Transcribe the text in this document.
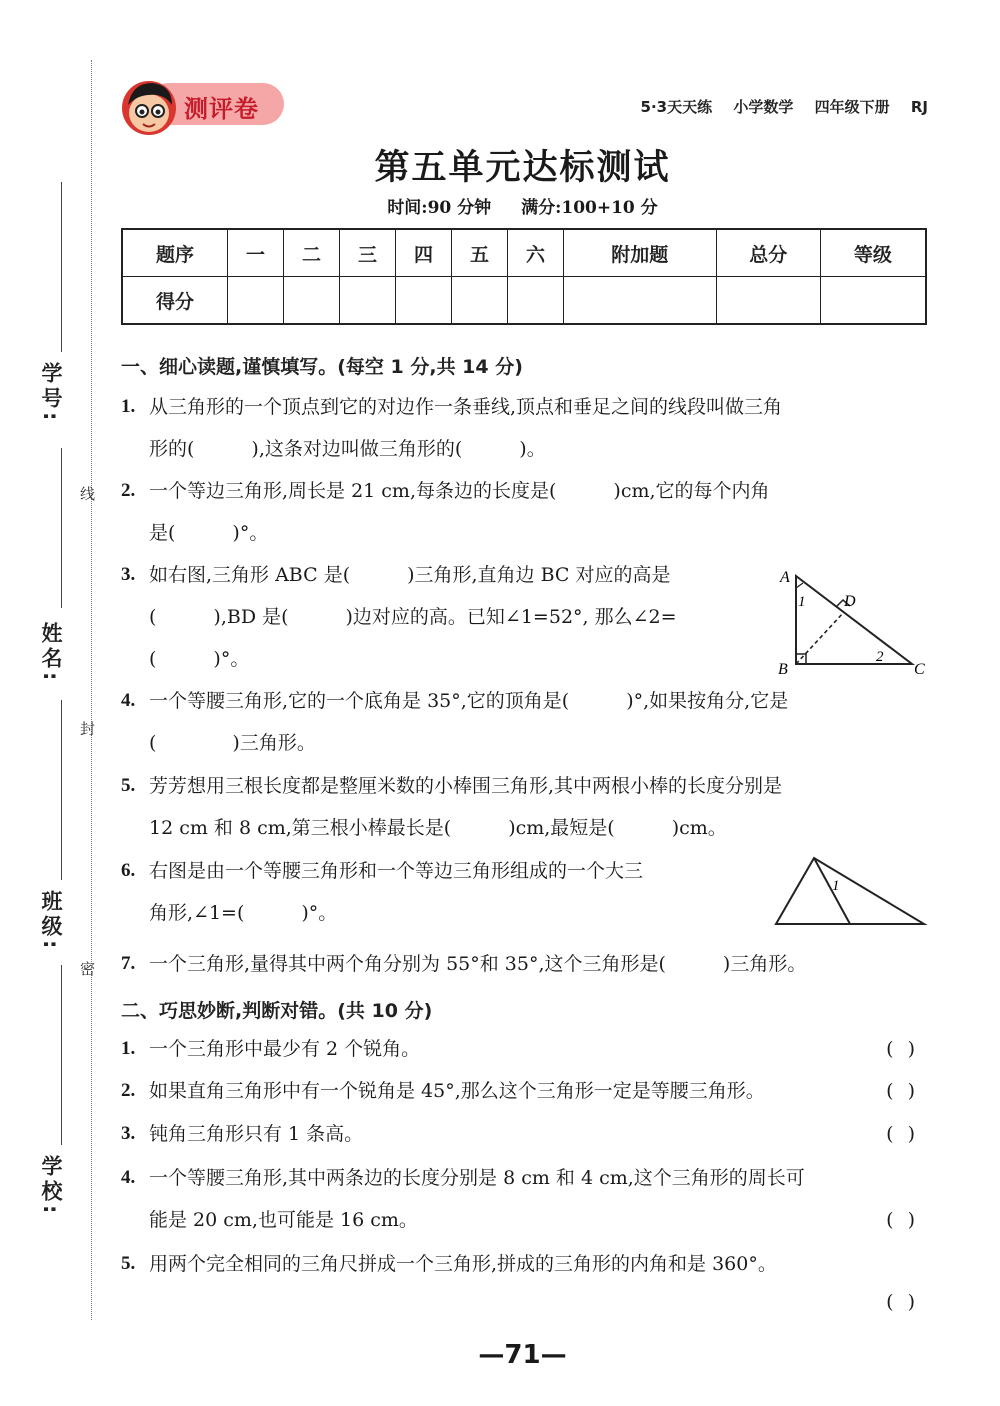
学号:
姓名:
班级:
学校:
线
封
密
测评卷	5·3天天练 小学数学 四年级下册 RJ
第五单元达标测试
时间:90 分钟 满分:100+10 分
题序	一	二	三	四	五	六	附加题	总分	等级
得分									
一、细心读题,谨慎填写。(每空 1 分,共 14 分)
1. 从三角形的一个顶点到它的对边作一条垂线,顶点和垂足之间的线段叫做三角
形的(　　　),这条对边叫做三角形的(　　　)。
2. 一个等边三角形,周长是 21 cm,每条边的长度是(　　　)cm,它的每个内角
是(　　　)°。
3. 如右图,三角形 ABC 是(　　　)三角形,直角边 BC 对应的高是
(　　　),BD 是(　　　)边对应的高。已知∠1=52°, 那么∠2=
(　　　)°。
A
B	C
D
1
2
4. 一个等腰三角形,它的一个底角是 35°,它的顶角是(　　　)°,如果按角分,它是
(　　　　)三角形。
5. 芳芳想用三根长度都是整厘米数的小棒围三角形,其中两根小棒的长度分别是
12 cm 和 8 cm,第三根小棒最长是(　　　)cm,最短是(　　　)cm。
6. 右图是由一个等腰三角形和一个等边三角形组成的一个大三
角形,∠1=(　　　)°。
1
7. 一个三角形,量得其中两个角分别为 55°和 35°,这个三角形是(　　　)三角形。
二、巧思妙断,判断对错。(共 10 分)
1. 一个三角形中最少有 2 个锐角。	()
2. 如果直角三角形中有一个锐角是 45°,那么这个三角形一定是等腰三角形。	()
3. 钝角三角形只有 1 条高。	()
4. 一个等腰三角形,其中两条边的长度分别是 8 cm 和 4 cm,这个三角形的周长可
能是 20 cm,也可能是 16 cm。	()
5. 用两个完全相同的三角尺拼成一个三角形,拼成的三角形的内角和是 360°。
()
—71—
